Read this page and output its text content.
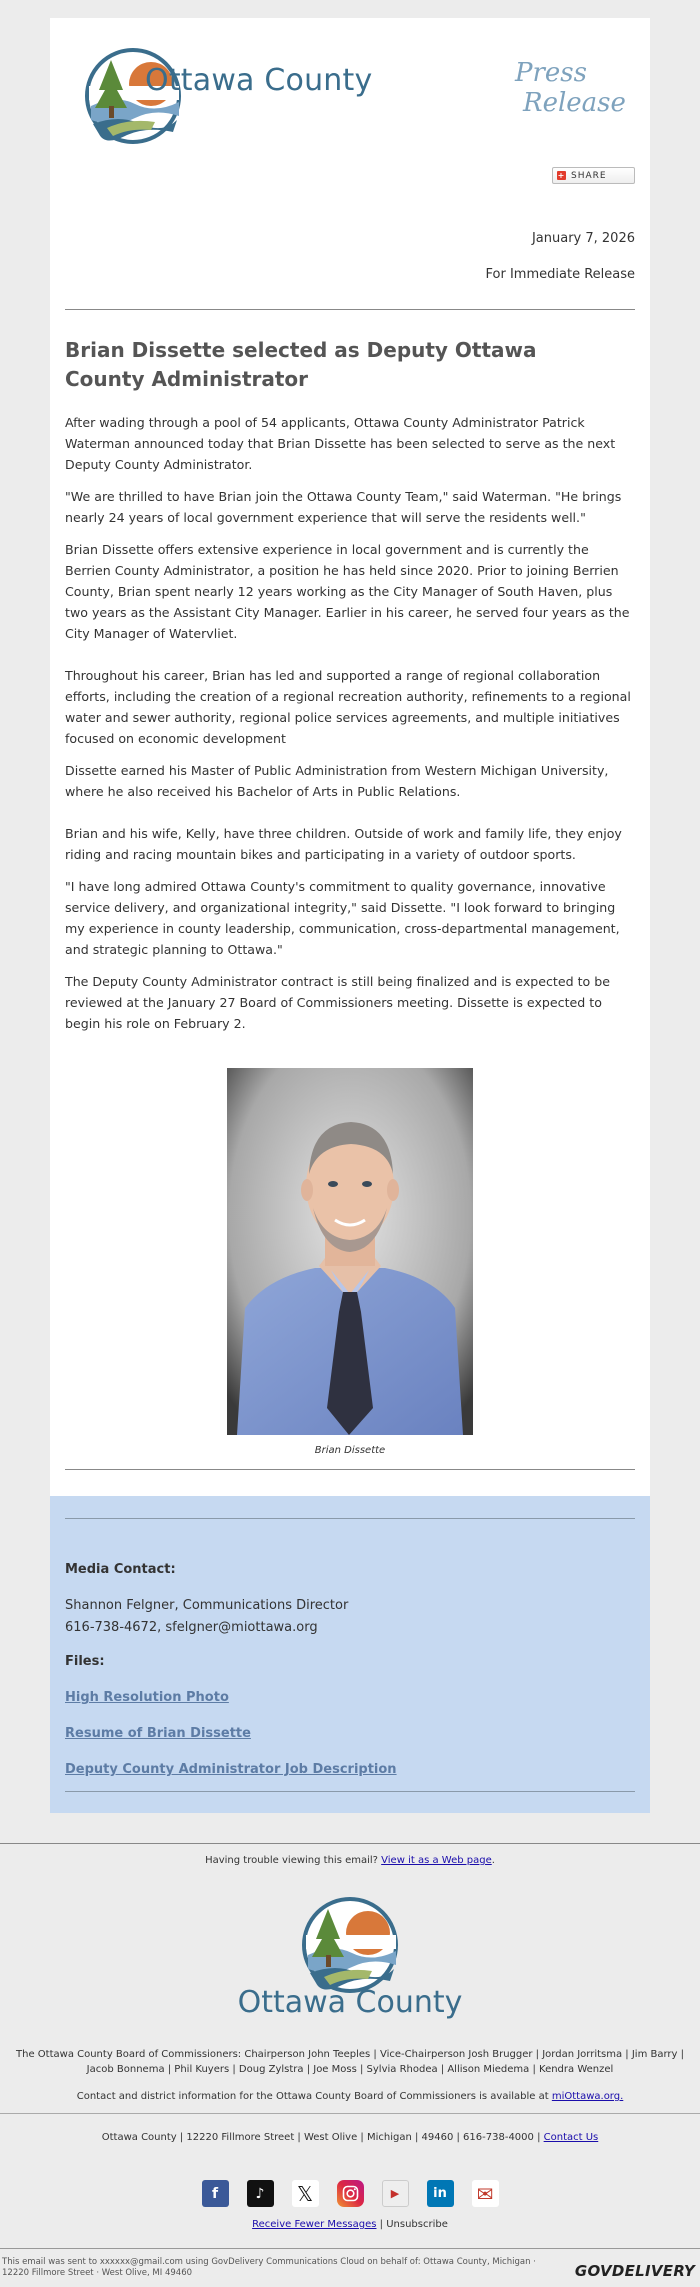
Ottawa County	Press
Release
+ SHARE
January 7, 2026
For Immediate Release
Brian Dissette selected as Deputy Ottawa County Administrator

After wading through a pool of 54 applicants, Ottawa County Administrator Patrick Waterman announced today that Brian Dissette has been selected to serve as the next Deputy County Administrator.

"We are thrilled to have Brian join the Ottawa County Team," said Waterman. "He brings nearly 24 years of local government experience that will serve the residents well."

Brian Dissette offers extensive experience in local government and is currently the Berrien County Administrator, a position he has held since 2020. Prior to joining Berrien County, Brian spent nearly 12 years working as the City Manager of South Haven, plus two years as the Assistant City Manager. Earlier in his career, he served four years as the City Manager of Watervliet.

Throughout his career, Brian has led and supported a range of regional collaboration efforts, including the creation of a regional recreation authority, refinements to a regional water and sewer authority, regional police services agreements, and multiple initiatives focused on economic development

Dissette earned his Master of Public Administration from Western Michigan University, where he also received his Bachelor of Arts in Public Relations.

Brian and his wife, Kelly, have three children. Outside of work and family life, they enjoy riding and racing mountain bikes and participating in a variety of outdoor sports.

"I have long admired Ottawa County's commitment to quality governance, innovative service delivery, and organizational integrity," said Dissette. "I look forward to bringing my experience in county leadership, communication, cross-departmental management, and strategic planning to Ottawa."

The Deputy County Administrator contract is still being finalized and is expected to be reviewed at the January 27 Board of Commissioners meeting. Dissette is expected to begin his role on February 2.

Brian Dissette
Media Contact:
Shannon Felgner, Communications Director
616-738-4672, sfelgner@miottawa.org
Files:
High Resolution Photo
Resume of Brian Dissette
Deputy County Administrator Job Description
Having trouble viewing this email? View it as a Web page.
Ottawa County
The Ottawa County Board of Commissioners: Chairperson John Teeples | Vice-Chairperson Josh Brugger | Jordan Jorritsma | Jim Barry | Jacob Bonnema | Phil Kuyers | Doug Zylstra | Joe Moss | Sylvia Rhodea | Allison Miedema | Kendra Wenzel
Contact and district information for the Ottawa County Board of Commissioners is available at miOttawa.org.
Ottawa County | 12220 Fillmore Street | West Olive | Michigan | 49460 | 616-738-4000 | Contact Us
f	♪	𝕏	▶	in	✉
Receive Fewer Messages | Unsubscribe
This email was sent to xxxxxx@gmail.com using GovDelivery Communications Cloud on behalf of: Ottawa County, Michigan ·
12220 Fillmore Street · West Olive, MI 49460	GOVDELIVERY
